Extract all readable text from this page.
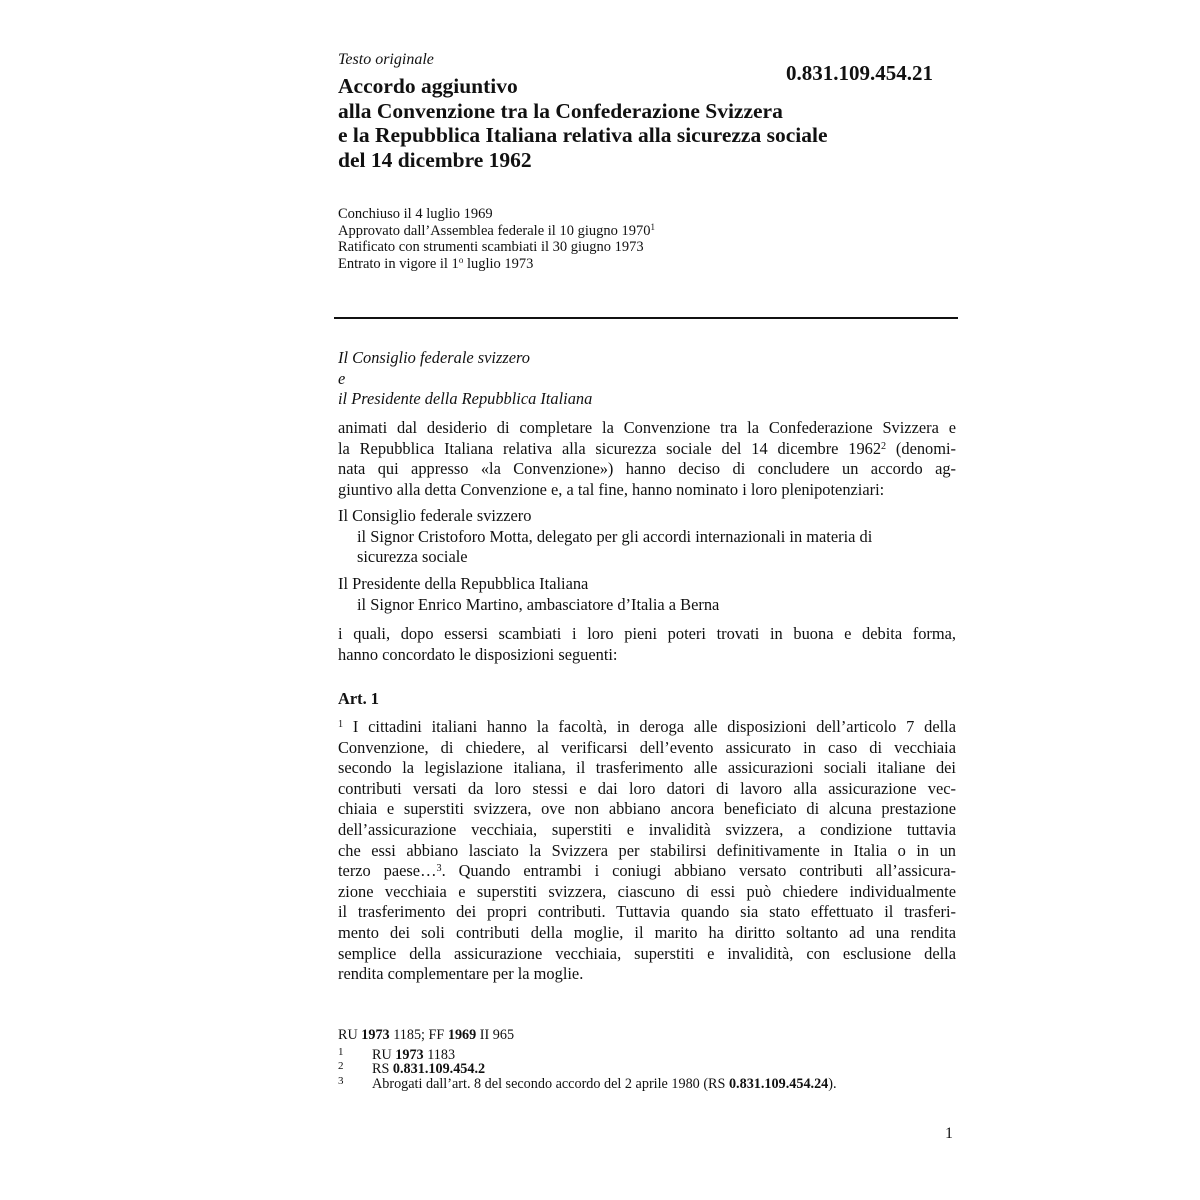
Testo originale
0.831.109.454.21
Accordo aggiuntivo
alla Convenzione tra la Confederazione Svizzera
e la Repubblica Italiana relativa alla sicurezza sociale
del 14 dicembre 1962
Conchiuso il 4 luglio 1969
Approvato dall’Assemblea federale il 10 giugno 1970$^1$
Ratificato con strumenti scambiati il 30 giugno 1973
Entrato in vigore il 1$^o$ luglio 1973
Il Consiglio federale svizzero
e
il Presidente della Repubblica Italiana
animati dal desiderio di completare la Convenzione tra la Confederazione Svizzera e
la Repubblica Italiana relativa alla sicurezza sociale del 14 dicembre 1962$^2$ (denomi-
nata qui appresso «la Convenzione») hanno deciso di concludere un accordo ag-
giuntivo alla detta Convenzione e, a tal fine, hanno nominato i loro plenipotenziari:
Il Consiglio federale svizzero
il Signor Cristoforo Motta, delegato per gli accordi internazionali in materia di
sicurezza sociale
Il Presidente della Repubblica Italiana
il Signor Enrico Martino, ambasciatore d’Italia a Berna
i quali, dopo essersi scambiati i loro pieni poteri trovati in buona e debita forma,
hanno concordato le disposizioni seguenti:
Art. 1
$^1$ I cittadini italiani hanno la facoltà, in deroga alle disposizioni dell’articolo 7 della
Convenzione, di chiedere, al verificarsi dell’evento assicurato in caso di vecchiaia
secondo la legislazione italiana, il trasferimento alle assicurazioni sociali italiane dei
contributi versati da loro stessi e dai loro datori di lavoro alla assicurazione vec-
chiaia e superstiti svizzera, ove non abbiano ancora beneficiato di alcuna prestazione
dell’assicurazione vecchiaia, superstiti e invalidità svizzera, a condizione tuttavia
che essi abbiano lasciato la Svizzera per stabilirsi definitivamente in Italia o in un
terzo paese…$^3$. Quando entrambi i coniugi abbiano versato contributi all’assicura-
zione vecchiaia e superstiti svizzera, ciascuno di essi può chiedere individualmente
il trasferimento dei propri contributi. Tuttavia quando sia stato effettuato il trasferi-
mento dei soli contributi della moglie, il marito ha diritto soltanto ad una rendita
semplice della assicurazione vecchiaia, superstiti e invalidità, con esclusione della
rendita complementare per la moglie.
RU 1973 1185; FF 1969 II 965
1 RU 1973 1183
2 RS 0.831.109.454.2
3 Abrogati dall’art. 8 del secondo accordo del 2 aprile 1980 (RS 0.831.109.454.24).
1
